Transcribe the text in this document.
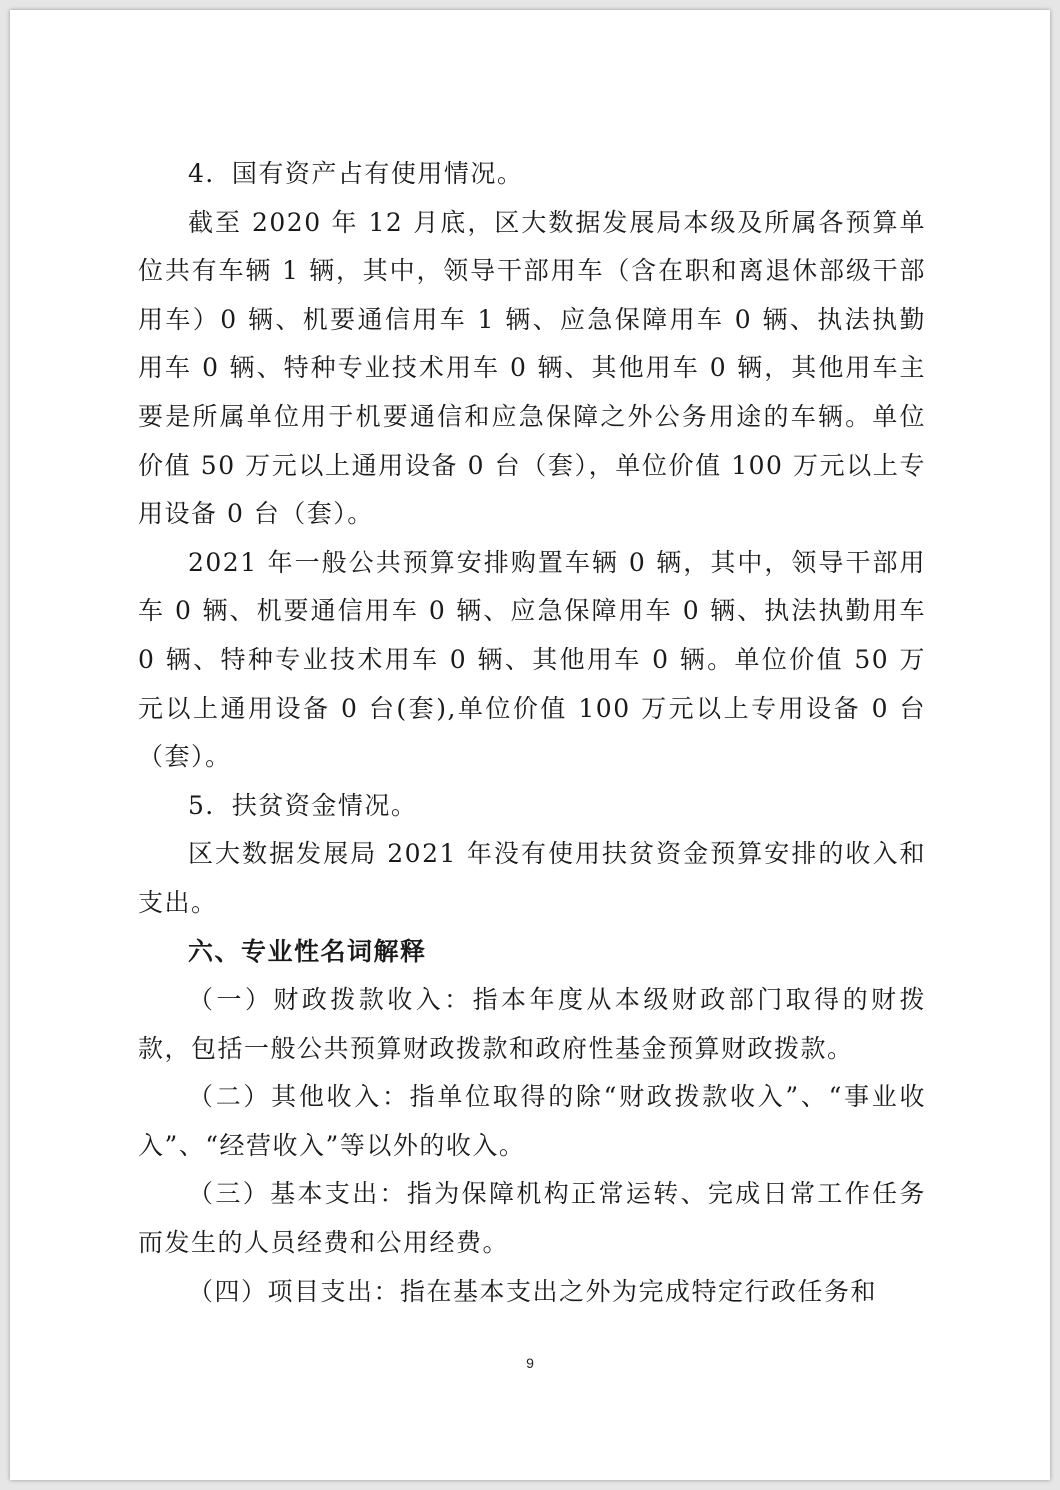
4．国有资产占有使用情况。

截至 2020 年 12 月底，区大数据发展局本级及所属各预算单位共有车辆 1 辆，其中，领导干部用车（含在职和离退休部级干部用车）0 辆、机要通信用车 1 辆、应急保障用车 0 辆、执法执勤用车 0 辆、特种专业技术用车 0 辆、其他用车 0 辆，其他用车主要是所属单位用于机要通信和应急保障之外公务用途的车辆。单位价值 50 万元以上通用设备 0 台（套），单位价值 100 万元以上专用设备 0 台（套）。

2021 年一般公共预算安排购置车辆 0 辆，其中，领导干部用车 0 辆、机要通信用车 0 辆、应急保障用车 0 辆、执法执勤用车 0 辆、特种专业技术用车 0 辆、其他用车 0 辆。单位价值 50 万元以上通用设备 0 台(套),单位价值 100 万元以上专用设备 0 台（套）。

5．扶贫资金情况。

区大数据发展局 2021 年没有使用扶贫资金预算安排的收入和支出。

六、专业性名词解释

（一）财政拨款收入：指本年度从本级财政部门取得的财拨款，包括一般公共预算财政拨款和政府性基金预算财政拨款。

（二）其他收入：指单位取得的除“财政拨款收入”、“事业收入”、“经营收入”等以外的收入。

（三）基本支出：指为保障机构正常运转、完成日常工作任务而发生的人员经费和公用经费。

（四）项目支出：指在基本支出之外为完成特定行政任务和

9
